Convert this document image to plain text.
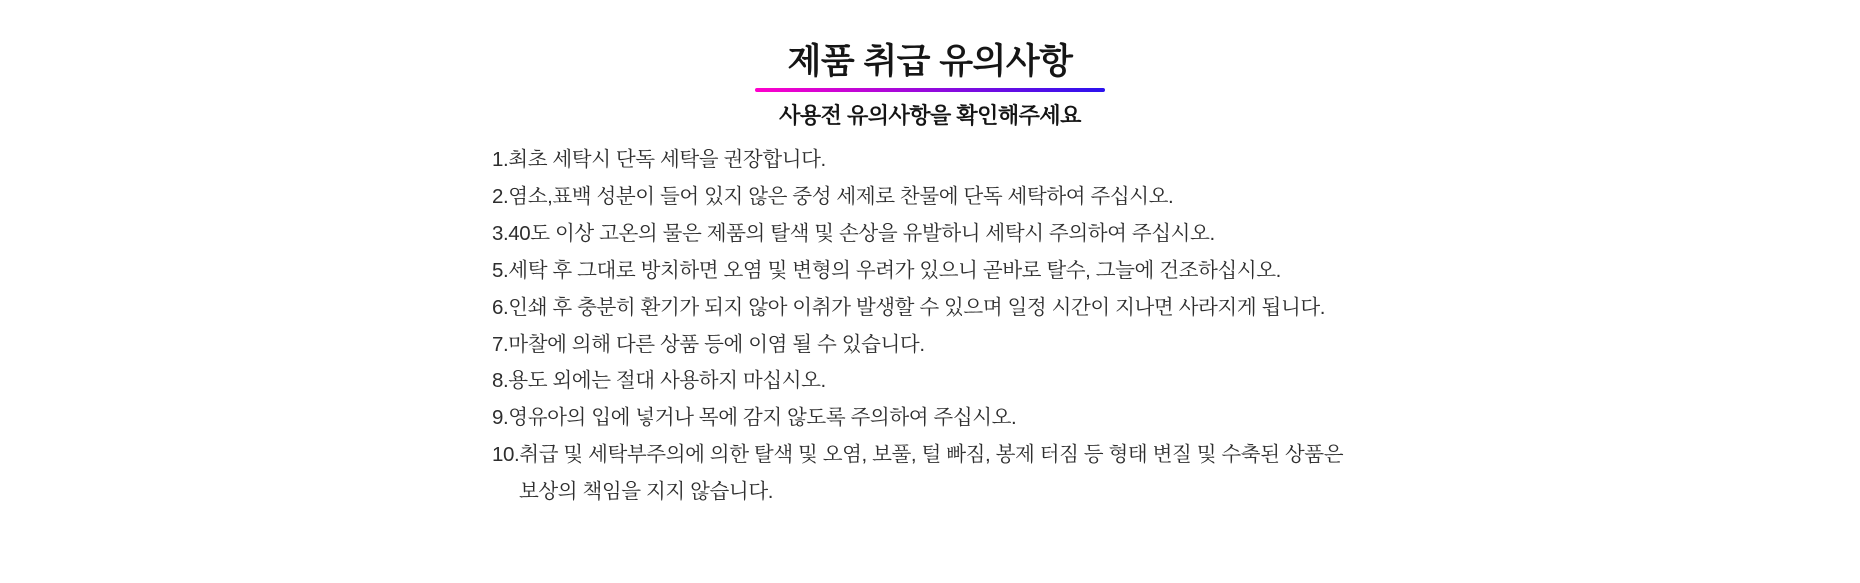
제품 취급 유의사항
사용전 유의사항을 확인해주세요
1.최초 세탁시 단독 세탁을 권장합니다.
2.염소,표백 성분이 들어 있지 않은 중성 세제로 찬물에 단독 세탁하여 주십시오.
3.40도 이상 고온의 물은 제품의 탈색 및 손상을 유발하니 세탁시 주의하여 주십시오.
5.세탁 후 그대로 방치하면 오염 및 변형의 우려가 있으니 곧바로 탈수, 그늘에 건조하십시오.
6.인쇄 후 충분히 환기가 되지 않아 이취가 발생할 수 있으며 일정 시간이 지나면 사라지게 됩니다.
7.마찰에 의해 다른 상품 등에 이염 될 수 있습니다.
8.용도 외에는 절대 사용하지 마십시오.
9.영유아의 입에 넣거나 목에 감지 않도록 주의하여 주십시오.
10.취급 및 세탁부주의에 의한 탈색 및 오염, 보풀, 털 빠짐, 봉제 터짐 등 형태 변질 및 수축된 상품은
보상의 책임을 지지 않습니다.
